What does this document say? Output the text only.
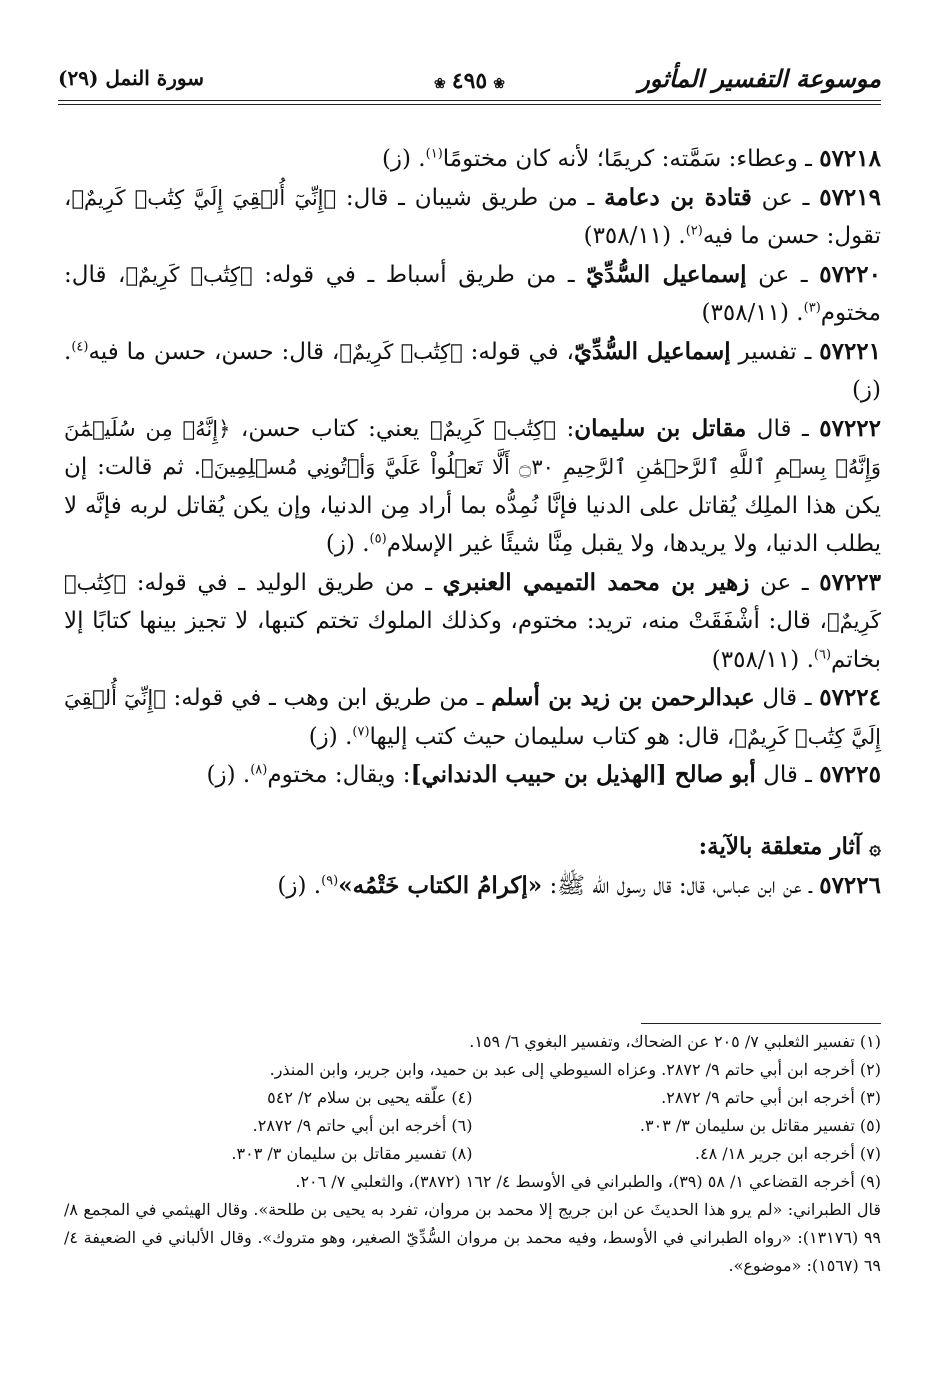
موسوعة التفسير المأثور
❀٤٩٥❀
سورة النمل (٢٩)

٥٧٢١٨ ـ وعطاء: سَمَّته: كريمًا؛ لأنه كان مختومًا$^{(١)}$. (ز)

٥٧٢١٩ ـ عن قتادة بن دعامة ـ من طريق شيبان ـ قال: ﴿إِنِّيٓ أُلۡقِيَ إِلَيَّ كِتَٰبٞ كَرِيمٌ﴾، تقول: حسن ما فيه$^{(٢)}$. (٣٥٨/١١)

٥٧٢٢٠ ـ عن إسماعيل السُّدِّيّ ـ من طريق أسباط ـ في قوله: ﴿كِتَٰبٞ كَرِيمٌ﴾، قال: مختوم$^{(٣)}$. (٣٥٨/١١)

٥٧٢٢١ ـ تفسير إسماعيل السُّدِّيّ، في قوله: ﴿كِتَٰبٞ كَرِيمٌ﴾، قال: حسن، حسن ما فيه$^{(٤)}$. (ز)

٥٧٢٢٢ ـ قال مقاتل بن سليمان: ﴿كِتَٰبٞ كَرِيمٌ﴾ يعني: كتاب حسن، ﴿إِنَّهُۥ مِن سُلَيۡمَٰنَ وَإِنَّهُۥ بِسۡمِ ٱللَّهِ ٱلرَّحۡمَٰنِ ٱلرَّحِيمِ ۝٣٠ أَلَّا تَعۡلُواْ عَلَيَّ وَأۡتُونِي مُسۡلِمِينَ﴾. ثم قالت: إن يكن هذا الملِك يُقاتل على الدنيا فإنَّا نُمِدُّه بما أراد مِن الدنيا، وإن يكن يُقاتل لربه فإنَّه لا يطلب الدنيا، ولا يريدها، ولا يقبل مِنَّا شيئًا غير الإسلام$^{(٥)}$. (ز)

٥٧٢٢٣ ـ عن زهير بن محمد التميمي العنبري ـ من طريق الوليد ـ في قوله: ﴿كِتَٰبٞ كَرِيمٌ﴾، قال: أشْفَقَتْ منه، تريد: مختوم، وكذلك الملوك تختم كتبها، لا تجيز بينها كتابًا إلا بخاتم$^{(٦)}$. (٣٥٨/١١)

٥٧٢٢٤ ـ قال عبدالرحمن بن زيد بن أسلم ـ من طريق ابن وهب ـ في قوله: ﴿إِنِّيٓ أُلۡقِيَ إِلَيَّ كِتَٰبٞ كَرِيمٌ﴾، قال: هو كتاب سليمان حيث كتب إليها$^{(٧)}$. (ز)

٥٧٢٢٥ ـ قال أبو صالح [الهذيل بن حبيب الدنداني]: ويقال: مختوم$^{(٨)}$. (ز)

۞آثار متعلقة بالآية:

٥٧٢٢٦ ـ عن ابن عباس، قال: قال رسول الله ﷺ: «إكرامُ الكتاب خَتْمُه»$^{(٩)}$. (ز)

(١) تفسير الثعلبي ٧/ ٢٠٥ عن الضحاك، وتفسير البغوي ٦/ ١٥٩.
(٢) أخرجه ابن أبي حاتم ٩/ ٢٨٧٢. وعزاه السيوطي إلى عبد بن حميد، وابن جرير، وابن المنذر.
(٣) أخرجه ابن أبي حاتم ٩/ ٢٨٧٢.
(٤) علّقه يحيى بن سلام ٢/ ٥٤٢
(٥) تفسير مقاتل بن سليمان ٣/ ٣٠٣.
(٦) أخرجه ابن أبي حاتم ٩/ ٢٨٧٢.
(٧) أخرجه ابن جرير ١٨/ ٤٨.
(٨) تفسير مقاتل بن سليمان ٣/ ٣٠٣.
(٩) أخرجه القضاعي ١/ ٥٨ (٣٩)، والطبراني في الأوسط ٤/ ١٦٢ (٣٨٧٢)، والثعلبي ٧/ ٢٠٦.
قال الطبراني: «لم يرو هذا الحديثَ عن ابن جريج إلا محمد بن مروان، تفرد به يحيى بن طلحة». وقال الهيثمي في المجمع ٨/ ٩٩ (١٣١٧٦): «رواه الطبراني في الأوسط، وفيه محمد بن مروان السُّدِّيّ الصغير، وهو متروك». وقال الألباني في الضعيفة ٤/ ٦٩ (١٥٦٧): «موضوع».
